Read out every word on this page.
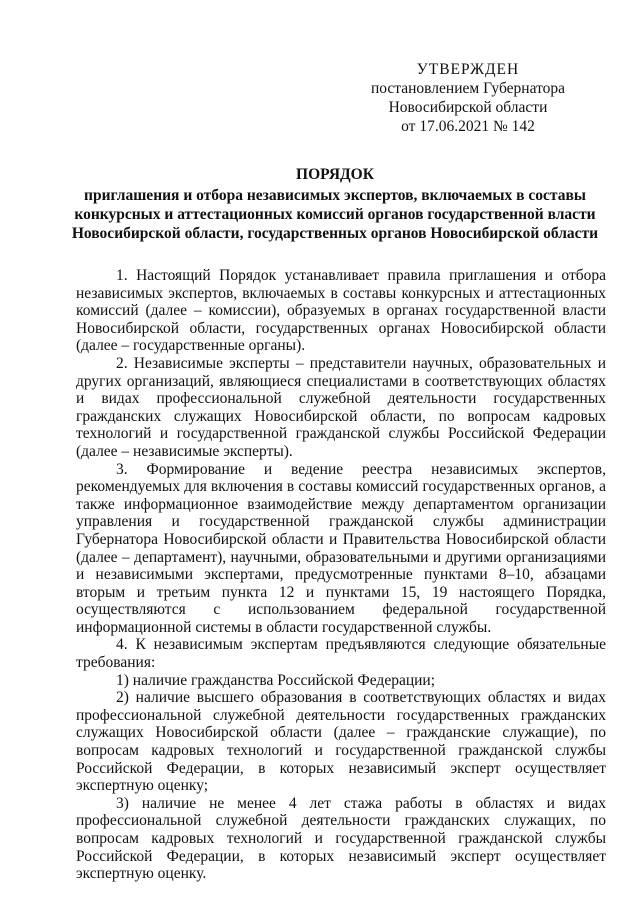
УТВЕРЖДЕН
постановлением Губернатора
Новосибирской области
от 17.06.2021 № 142
ПОРЯДОК
приглашения и отбора независимых экспертов, включаемых в составы конкурсных и аттестационных комиссий органов государственной власти Новосибирской области, государственных органов Новосибирской области

1. Настоящий Порядок устанавливает правила приглашения и отбора независимых экспертов, включаемых в составы конкурсных и аттестационных комиссий (далее – комиссии), образуемых в органах государственной власти Новосибирской области, государственных органах Новосибирской области (далее – государственные органы).

2. Независимые эксперты – представители научных, образовательных и других организаций, являющиеся специалистами в соответствующих областях и видах профессиональной служебной деятельности государственных гражданских служащих Новосибирской области, по вопросам кадровых технологий и государственной гражданской службы Российской Федерации (далее – независимые эксперты).

3. Формирование и ведение реестра независимых экспертов, рекомендуемых для включения в составы комиссий государственных органов, а также информационное взаимодействие между департаментом организации управления и государственной гражданской службы администрации Губернатора Новосибирской области и Правительства Новосибирской области (далее – департамент), научными, образовательными и другими организациями и независимыми экспертами, предусмотренные пунктами 8–10, абзацами вторым и третьим пункта 12 и пунктами 15, 19 настоящего Порядка, осуществляются с использованием федеральной государственной информационной системы в области государственной службы.

4. К независимым экспертам предъявляются следующие обязательные требования:

1) наличие гражданства Российской Федерации;

2) наличие высшего образования в соответствующих областях и видах профессиональной служебной деятельности государственных гражданских служащих Новосибирской области (далее – гражданские служащие), по вопросам кадровых технологий и государственной гражданской службы Российской Федерации, в которых независимый эксперт осуществляет экспертную оценку;

3) наличие не менее 4 лет стажа работы в областях и видах профессиональной служебной деятельности гражданских служащих, по вопросам кадровых технологий и государственной гражданской службы Российской Федерации, в которых независимый эксперт осуществляет экспертную оценку.
